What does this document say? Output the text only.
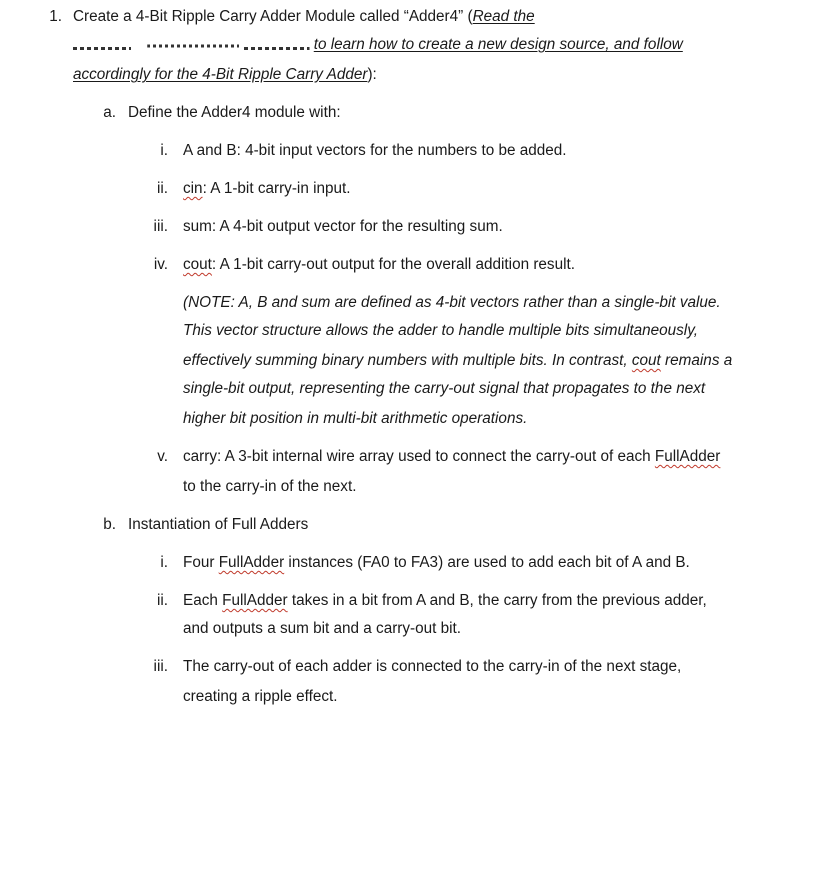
1. Create a 4-Bit Ripple Carry Adder Module called “Adder4” (Read the
to learn how to create a new design source, and follow
accordingly for the 4-Bit Ripple Carry Adder):
a. Define the Adder4 module with:
i. A and B: 4-bit input vectors for the numbers to be added.
ii. cin: A 1-bit carry-in input.
iii. sum: A 4-bit output vector for the resulting sum.
iv. cout: A 1-bit carry-out output for the overall addition result.
(NOTE: A, B and sum are defined as 4-bit vectors rather than a single-bit value.
This vector structure allows the adder to handle multiple bits simultaneously,
effectively summing binary numbers with multiple bits. In contrast, cout remains a
single-bit output, representing the carry-out signal that propagates to the next
higher bit position in multi-bit arithmetic operations.
v. carry: A 3-bit internal wire array used to connect the carry-out of each FullAdder
to the carry-in of the next.
b. Instantiation of Full Adders
i. Four FullAdder instances (FA0 to FA3) are used to add each bit of A and B.
ii. Each FullAdder takes in a bit from A and B, the carry from the previous adder,
and outputs a sum bit and a carry-out bit.
iii. The carry-out of each adder is connected to the carry-in of the next stage,
creating a ripple effect.
